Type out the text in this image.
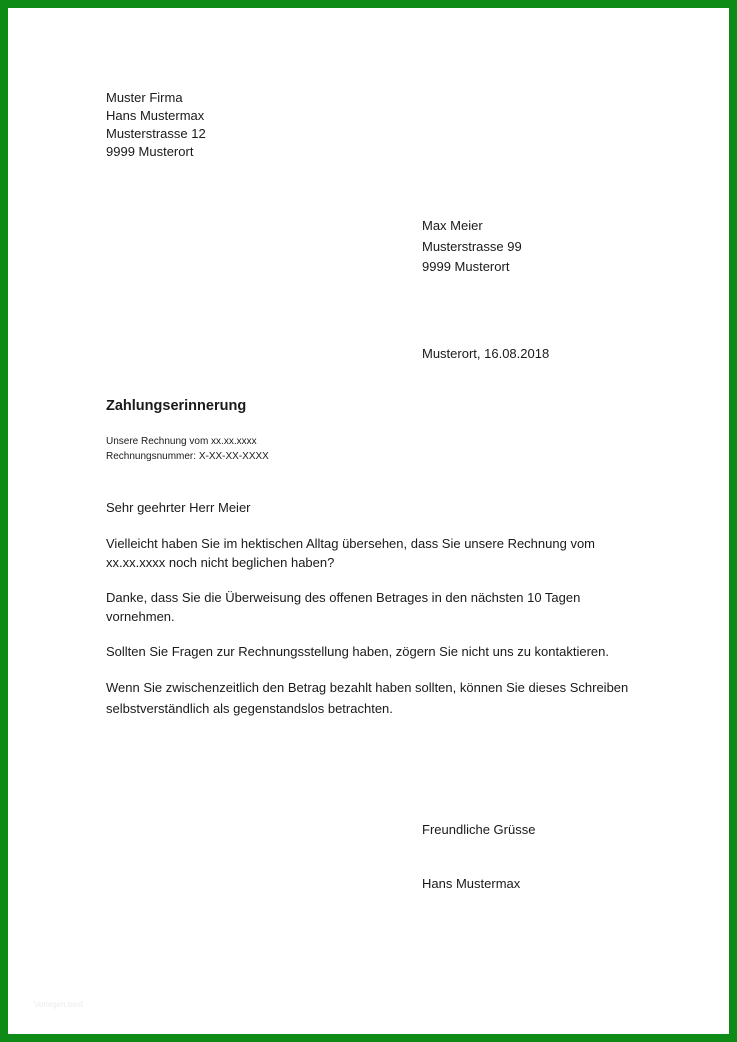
Muster Firma
Hans Mustermax
Musterstrasse 12
9999 Musterort
Max Meier
Musterstrasse 99
9999 Musterort
Musterort, 16.08.2018
Zahlungserinnerung
Unsere Rechnung vom xx.xx.xxxx
Rechnungsnummer: X-XX-XX-XXXX
Sehr geehrter Herr Meier
Vielleicht haben Sie im hektischen Alltag übersehen, dass Sie unsere Rechnung vom
xx.xx.xxxx noch nicht beglichen haben?
Danke, dass Sie die Überweisung des offenen Betrages in den nächsten 10 Tagen
vornehmen.
Sollten Sie Fragen zur Rechnungsstellung haben, zögern Sie nicht uns zu kontaktieren.
Wenn Sie zwischenzeitlich den Betrag bezahlt haben sollten, können Sie dieses Schreiben
selbstverständlich als gegenstandslos betrachten.
Freundliche Grüsse
Hans Mustermax
Vorlagen.best
